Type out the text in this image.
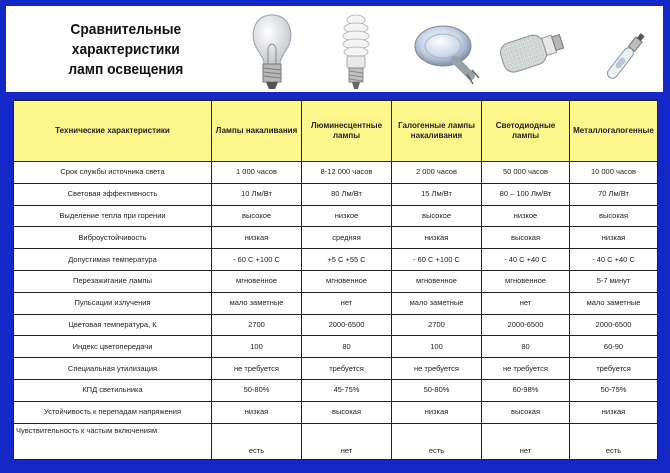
Сравнительные характеристики
ламп освещения
Технические характеристики	Лампы накаливания	Люминесцентные лампы	Галогенные лампы накаливания	Светодиодные лампы	Металлогалогенные
Срок службы источника света	1 000 часов	8-12 000 часов	2 000 часов	50 000 часов	10 000 часов
Световая эффективность	10 Лм/Вт	80 Лм/Вт	15 Лм/Вт	80 – 100 Лм/Вт	70 Лм/Вт
Выделение тепла при горении	высокое	низкое	высокое	низкое	высокая
Виброустойчивость	низкая	средняя	низкая	высокая	низкая
Допустимая температура	- 60 С +100 С	+5 С +55 С	- 60 С +100 С	- 40 С +40 С	- 40 С +40 С
Перезажигание лампы	мгновенное	мгновенное	мгновенное	мгновенное	5-7 минут
Пульсации излучения	мало заметные	нет	мало заметные	нет	мало заметные
Цветовая температура, К	2700	2000-6500	2700	2000-6500	2000-6500
Индекс цветопередачи	100	80	100	80	60-90
Специальная утилизация	не требуется	требуется	не требуется	не требуется	требуется
КПД светильника	50-80%	45-75%	50-80%	60-98%	50-75%
Устойчивость к перепадам напряжения	низкая	высокая	низкая	высокая	низкая
Чувствительность к частым включениям	есть	нет	есть	нет	есть
